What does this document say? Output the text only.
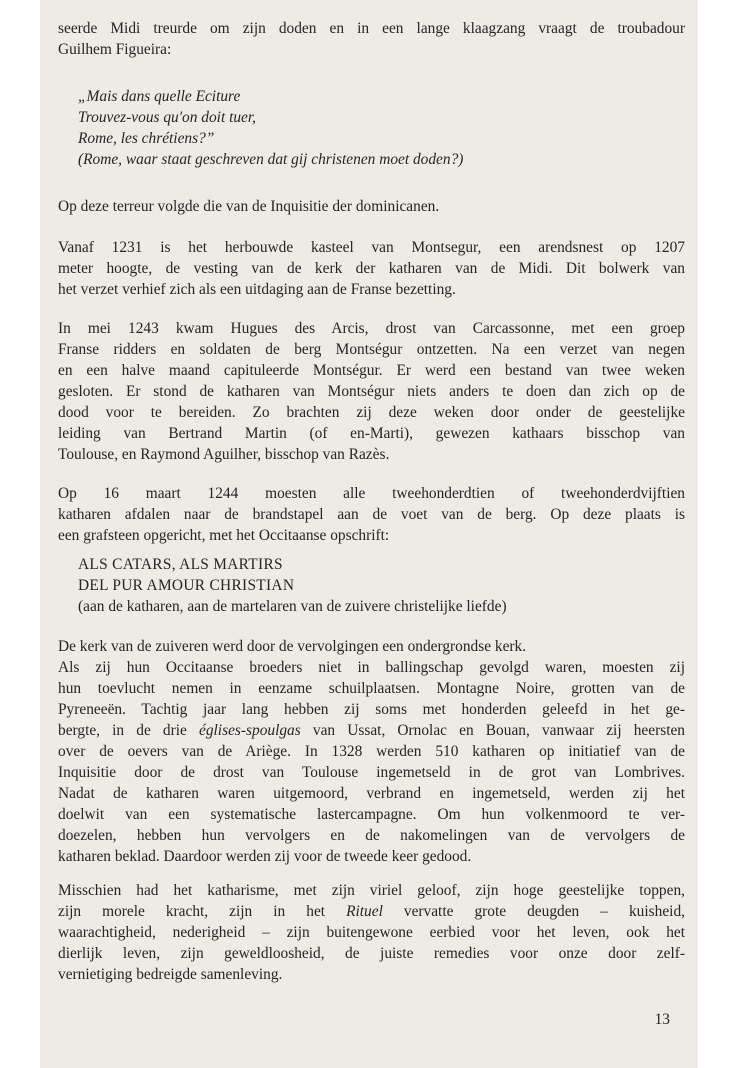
seerde Midi treurde om zijn doden en in een lange klaagzang vraagt de troubadour
Guilhem Figueira:
„Mais dans quelle Eciture
Trouvez-vous qu'on doit tuer,
Rome, les chrétiens?”
(Rome, waar staat geschreven dat gij christenen moet doden?)
Op deze terreur volgde die van de Inquisitie der dominicanen.
Vanaf 1231 is het herbouwde kasteel van Montsegur, een arendsnest op 1207
meter hoogte, de vesting van de kerk der katharen van de Midi. Dit bolwerk van
het verzet verhief zich als een uitdaging aan de Franse bezetting.
In mei 1243 kwam Hugues des Arcis, drost van Carcassonne, met een groep
Franse ridders en soldaten de berg Montségur ontzetten. Na een verzet van negen
en een halve maand capituleerde Montségur. Er werd een bestand van twee weken
gesloten. Er stond de katharen van Montségur niets anders te doen dan zich op de
dood voor te bereiden. Zo brachten zij deze weken door onder de geestelijke
leiding van Bertrand Martin (of en-Marti), gewezen kathaars bisschop van
Toulouse, en Raymond Aguilher, bisschop van Razès.
Op 16 maart 1244 moesten alle tweehonderdtien of tweehonderdvijftien
katharen afdalen naar de brandstapel aan de voet van de berg. Op deze plaats is
een grafsteen opgericht, met het Occitaanse opschrift:
ALS CATARS, ALS MARTIRS
DEL PUR AMOUR CHRISTIAN
(aan de katharen, aan de martelaren van de zuivere christelijke liefde)
De kerk van de zuiveren werd door de vervolgingen een ondergrondse kerk.
Als zij hun Occitaanse broeders niet in ballingschap gevolgd waren, moesten zij
hun toevlucht nemen in eenzame schuilplaatsen. Montagne Noire, grotten van de
Pyreneeën. Tachtig jaar lang hebben zij soms met honderden geleefd in het ge-
bergte, in de drie églises-spoulgas van Ussat, Ornolac en Bouan, vanwaar zij heersten
over de oevers van de Ariège. In 1328 werden 510 katharen op initiatief van de
Inquisitie door de drost van Toulouse ingemetseld in de grot van Lombrives.
Nadat de katharen waren uitgemoord, verbrand en ingemetseld, werden zij het
doelwit van een systematische lastercampagne. Om hun volkenmoord te ver-
doezelen, hebben hun vervolgers en de nakomelingen van de vervolgers de
katharen beklad. Daardoor werden zij voor de tweede keer gedood.
Misschien had het katharisme, met zijn viriel geloof, zijn hoge geestelijke toppen,
zijn morele kracht, zijn in het Rituel vervatte grote deugden – kuisheid,
waarachtigheid, nederigheid – zijn buitengewone eerbied voor het leven, ook het
dierlijk leven, zijn geweldloosheid, de juiste remedies voor onze door zelf-
vernietiging bedreigde samenleving.
13
